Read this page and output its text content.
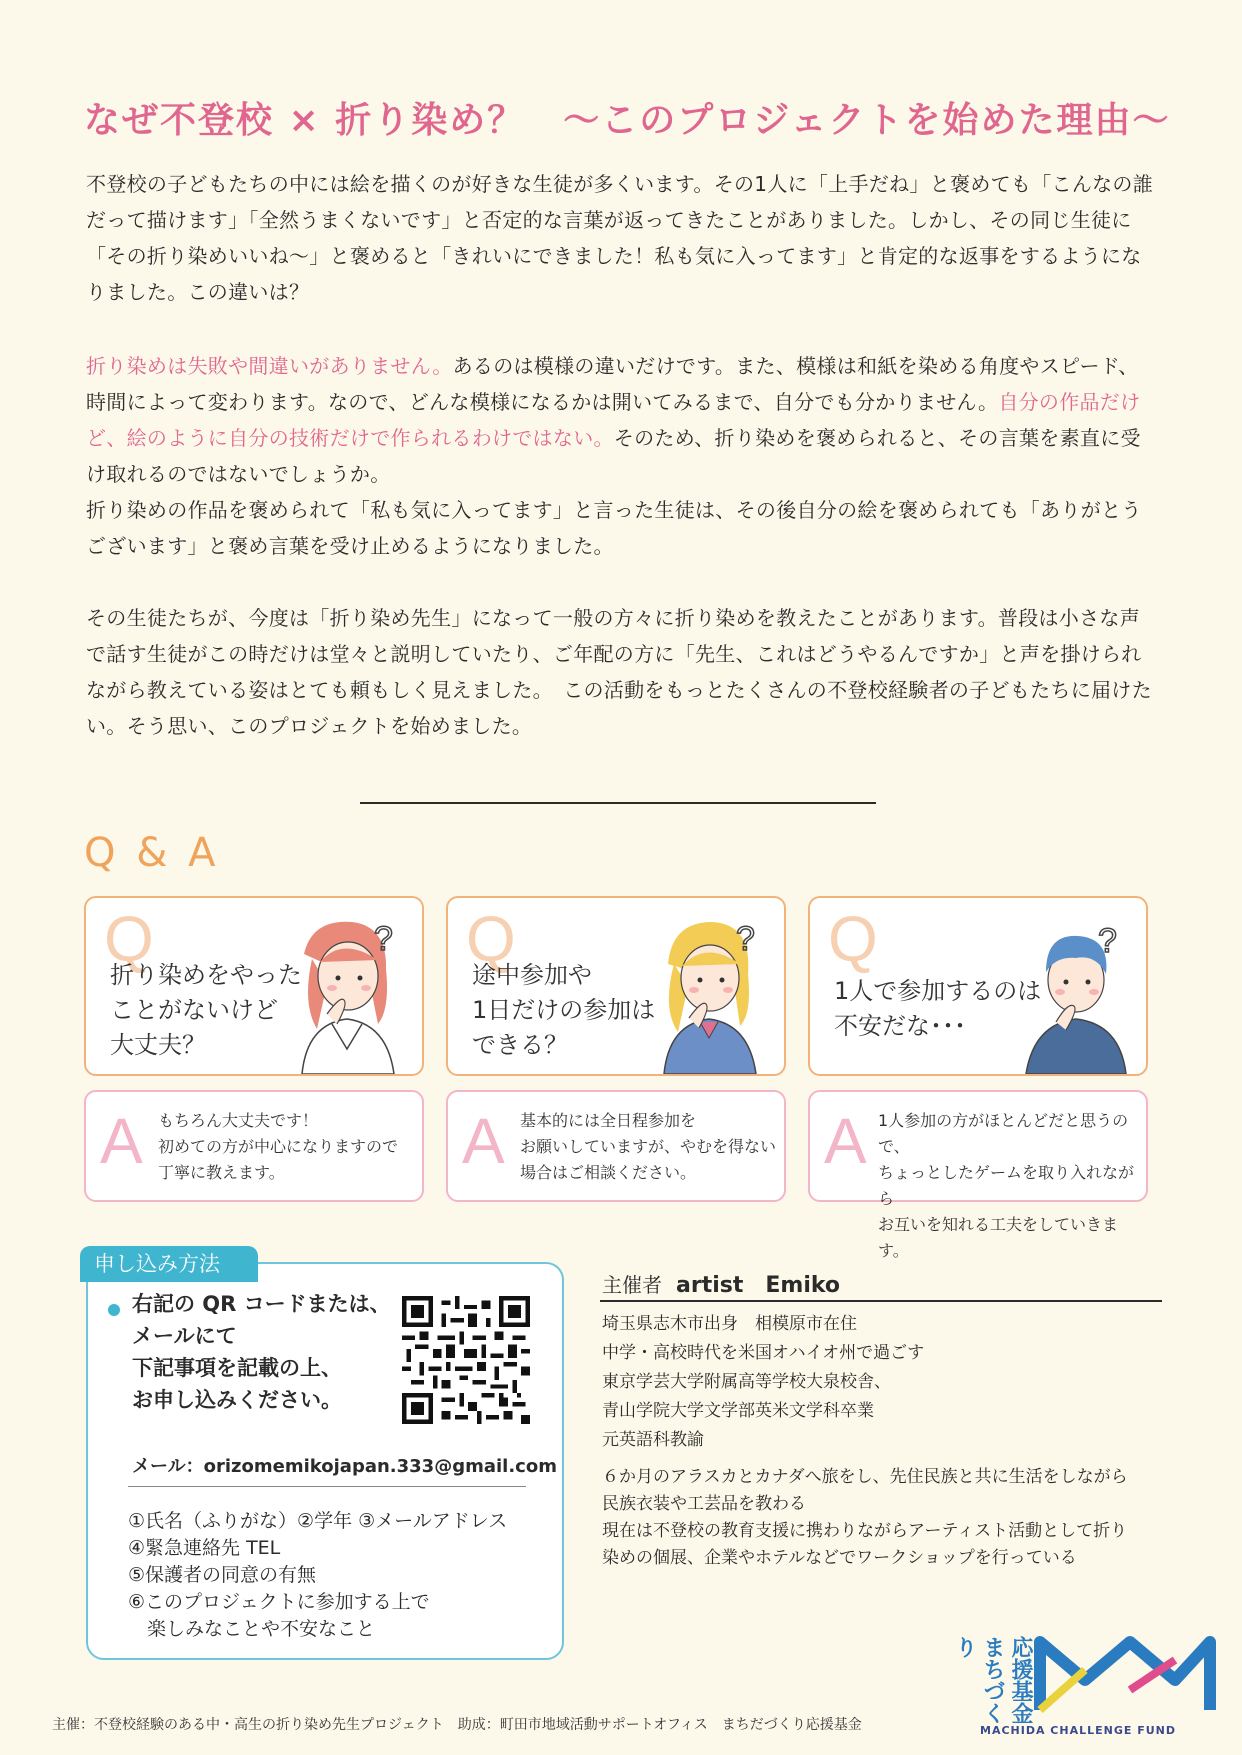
なぜ不登校 × 折り染め？　～このプロジェクトを始めた理由～

不登校の子どもたちの中には絵を描くのが好きな生徒が多くいます。その1人に「上手だね」と褒めても「こんなの誰だって描けます」「全然うまくないです」と否定的な言葉が返ってきたことがありました。しかし、その同じ生徒に「その折り染めいいね～」と褒めると「きれいにできました！私も気に入ってます」と肯定的な返事をするようになりました。この違いは？

折り染めは失敗や間違いがありません。あるのは模様の違いだけです。また、模様は和紙を染める角度やスピード、時間によって変わります。なので、どんな模様になるかは開いてみるまで、自分でも分かりません。自分の作品だけど、絵のように自分の技術だけで作られるわけではない。そのため、折り染めを褒められると、その言葉を素直に受け取れるのではないでしょうか。

折り染めの作品を褒められて「私も気に入ってます」と言った生徒は、その後自分の絵を褒められても「ありがとうございます」と褒め言葉を受け止めるようになりました。

その生徒たちが、今度は「折り染め先生」になって一般の方々に折り染めを教えたことがあります。普段は小さな声で話す生徒がこの時だけは堂々と説明していたり、ご年配の方に「先生、これはどうやるんですか」と声を掛けられながら教えている姿はとても頼もしく見えました。　この活動をもっとたくさんの不登校経験者の子どもたちに届けたい。そう思い、このプロジェクトを始めました。

Q & A
Q
折り染めをやった
ことがないけど
大丈夫？
? Q
途中参加や
1日だけの参加は
できる？
? Q
1人で参加するのは
不安だな･･･
?
A もちろん大丈夫です！
初めての方が中心になりますので
丁寧に教えます。	A 基本的には全日程参加を
お願いしていますが、やむを得ない
場合はご相談ください。	A 1人参加の方がほとんどだと思うので、
ちょっとしたゲームを取り入れながら
お互いを知れる工夫をしていきます。
右記の QR コードまたは、
メールにて
下記事項を記載の上、
お申し込みください。
メール：orizomemikojapan.333@gmail.com
①氏名（ふりがな）②学年 ③メールアドレス
④緊急連絡先 TEL
⑤保護者の同意の有無
⑥このプロジェクトに参加する上で
　楽しみなことや不安なこと
申し込み方法
主催者 artist　Emiko
埼玉県志木市出身　相模原市在住
中学・高校時代を米国オハイオ州で過ごす
東京学芸大学附属高等学校大泉校舎、
青山学院大学文学部英米文学科卒業
元英語科教諭
６か月のアラスカとカナダへ旅をし、先住民族と共に生活をしながら
民族衣装や工芸品を教わる
現在は不登校の教育支援に携わりながらアーティスト活動として折り
染めの個展、企業やホテルなどでワークショップを行っている
応援基金まちづくり
MACHIDA CHALLENGE FUND
主催：不登校経験のある中・高生の折り染め先生プロジェクト　助成：町田市地域活動サポートオフィス　まちだづくり応援基金
